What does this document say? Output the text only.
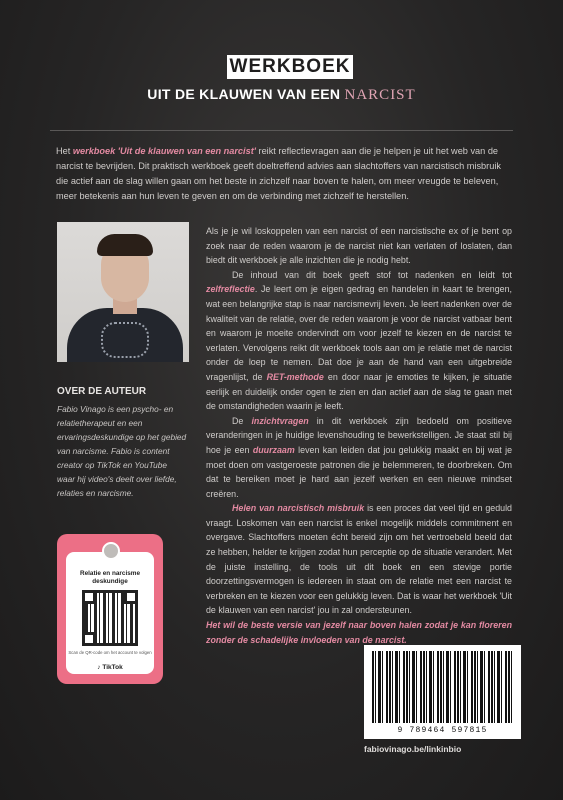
WERKBOEK
UIT DE KLAUWEN VAN EEN NARCIST
Het werkboek 'Uit de klauwen van een narcist' reikt reflectievragen aan die je helpen je uit het web van de narcist te bevrijden. Dit praktisch werkboek geeft doeltreffend advies aan slachtoffers van narcistisch misbruik die actief aan de slag willen gaan om het beste in zichzelf naar boven te halen, om meer vreugde te beleven, meer betekenis aan hun leven te geven en om de verbinding met zichzelf te herstellen.
OVER DE AUTEUR
Fabio Vinago is een psycho- en relatietherapeut en een ervaringsdeskundige op het gebied van narcisme. Fabio is content creator op TikTok en YouTube waar hij video's deelt over liefde, relaties en narcisme.
Relatie en narcisme deskundige
Scan de QR-code om het account te volgen
♪ TikTok

Als je je wil loskoppelen van een narcist of een narcistische ex of je bent op zoek naar de reden waarom je de narcist niet kan verlaten of loslaten, dan biedt dit werkboek je alle inzichten die je nodig hebt.

De inhoud van dit boek geeft stof tot nadenken en leidt tot zelfreflectie. Je leert om je eigen gedrag en handelen in kaart te brengen, wat een belangrijke stap is naar narcismevrij leven. Je leert nadenken over de kwaliteit van de relatie, over de reden waarom je voor de narcist vatbaar bent en waarom je moeite ondervindt om voor jezelf te kiezen en de narcist te verlaten. Vervolgens reikt dit werkboek tools aan om je relatie met de narcist onder de loep te nemen. Dat doe je aan de hand van een uitgebreide vragenlijst, de RET-methode en door naar je emoties te kijken, je situatie eerlijk en duidelijk onder ogen te zien en dan actief aan de slag te gaan met de omstandigheden waarin je leeft.

De inzichtvragen in dit werkboek zijn bedoeld om positieve veranderingen in je huidige levenshouding te bewerkstelligen. Je staat stil bij hoe je een duurzaam leven kan leiden dat jou gelukkig maakt en bij wat je moet doen om vastgeroeste patronen die je belemmeren, te doorbreken. Om dat te bereiken moet je hard aan jezelf werken en een nieuwe mindset creëren.

Helen van narcistisch misbruik is een proces dat veel tijd en geduld vraagt. Loskomen van een narcist is enkel mogelijk middels commitment en overgave. Slachtoffers moeten écht bereid zijn om het vertroebeld beeld dat ze hebben, helder te krijgen zodat hun perceptie op de situatie verandert. Met de juiste instelling, de tools uit dit boek en een stevige portie doorzettingsvermogen is iedereen in staat om de relatie met een narcist te verbreken en te kiezen voor een gelukkig leven. Dat is waar het werkboek 'Uit de klauwen van een narcist' jou in zal ondersteunen.

Het wil de beste versie van jezelf naar boven halen zodat je kan floreren zonder de schadelijke invloeden van de narcist.

9 789464 597815
fabiovinago.be/linkinbio
